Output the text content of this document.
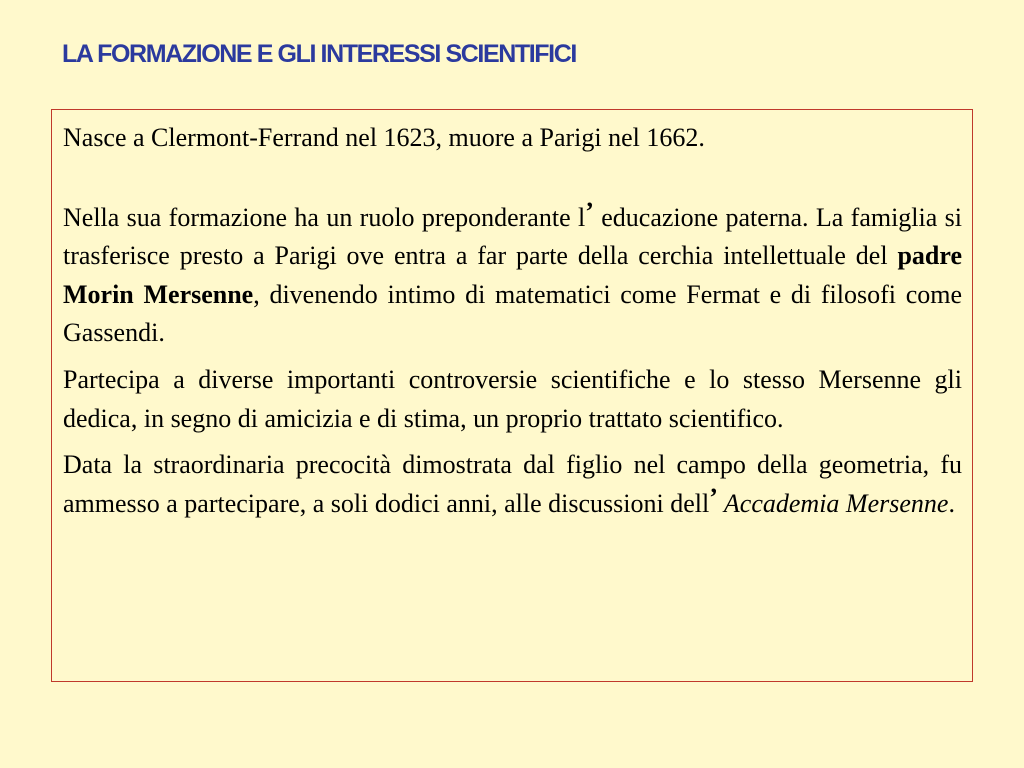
LA FORMAZIONE E GLI INTERESSI SCIENTIFICI

Nasce a Clermont-Ferrand nel 1623, muore a Parigi nel 1662.

Nella sua formazione ha un ruolo preponderante l’ educazione paterna. La famiglia si trasferisce presto a Parigi ove entra a far parte della cerchia intellettuale del padre Morin Mersenne, divenendo intimo di matematici come Fermat e di filosofi come Gassendi.

Partecipa a diverse importanti controversie scientifiche e lo stesso Mersenne gli dedica, in segno di amicizia e di stima, un proprio trattato scientifico.

Data la straordinaria precocità dimostrata dal figlio nel campo della geometria, fu ammesso a partecipare, a soli dodici anni, alle discussioni dell’ Accademia Mersenne.
